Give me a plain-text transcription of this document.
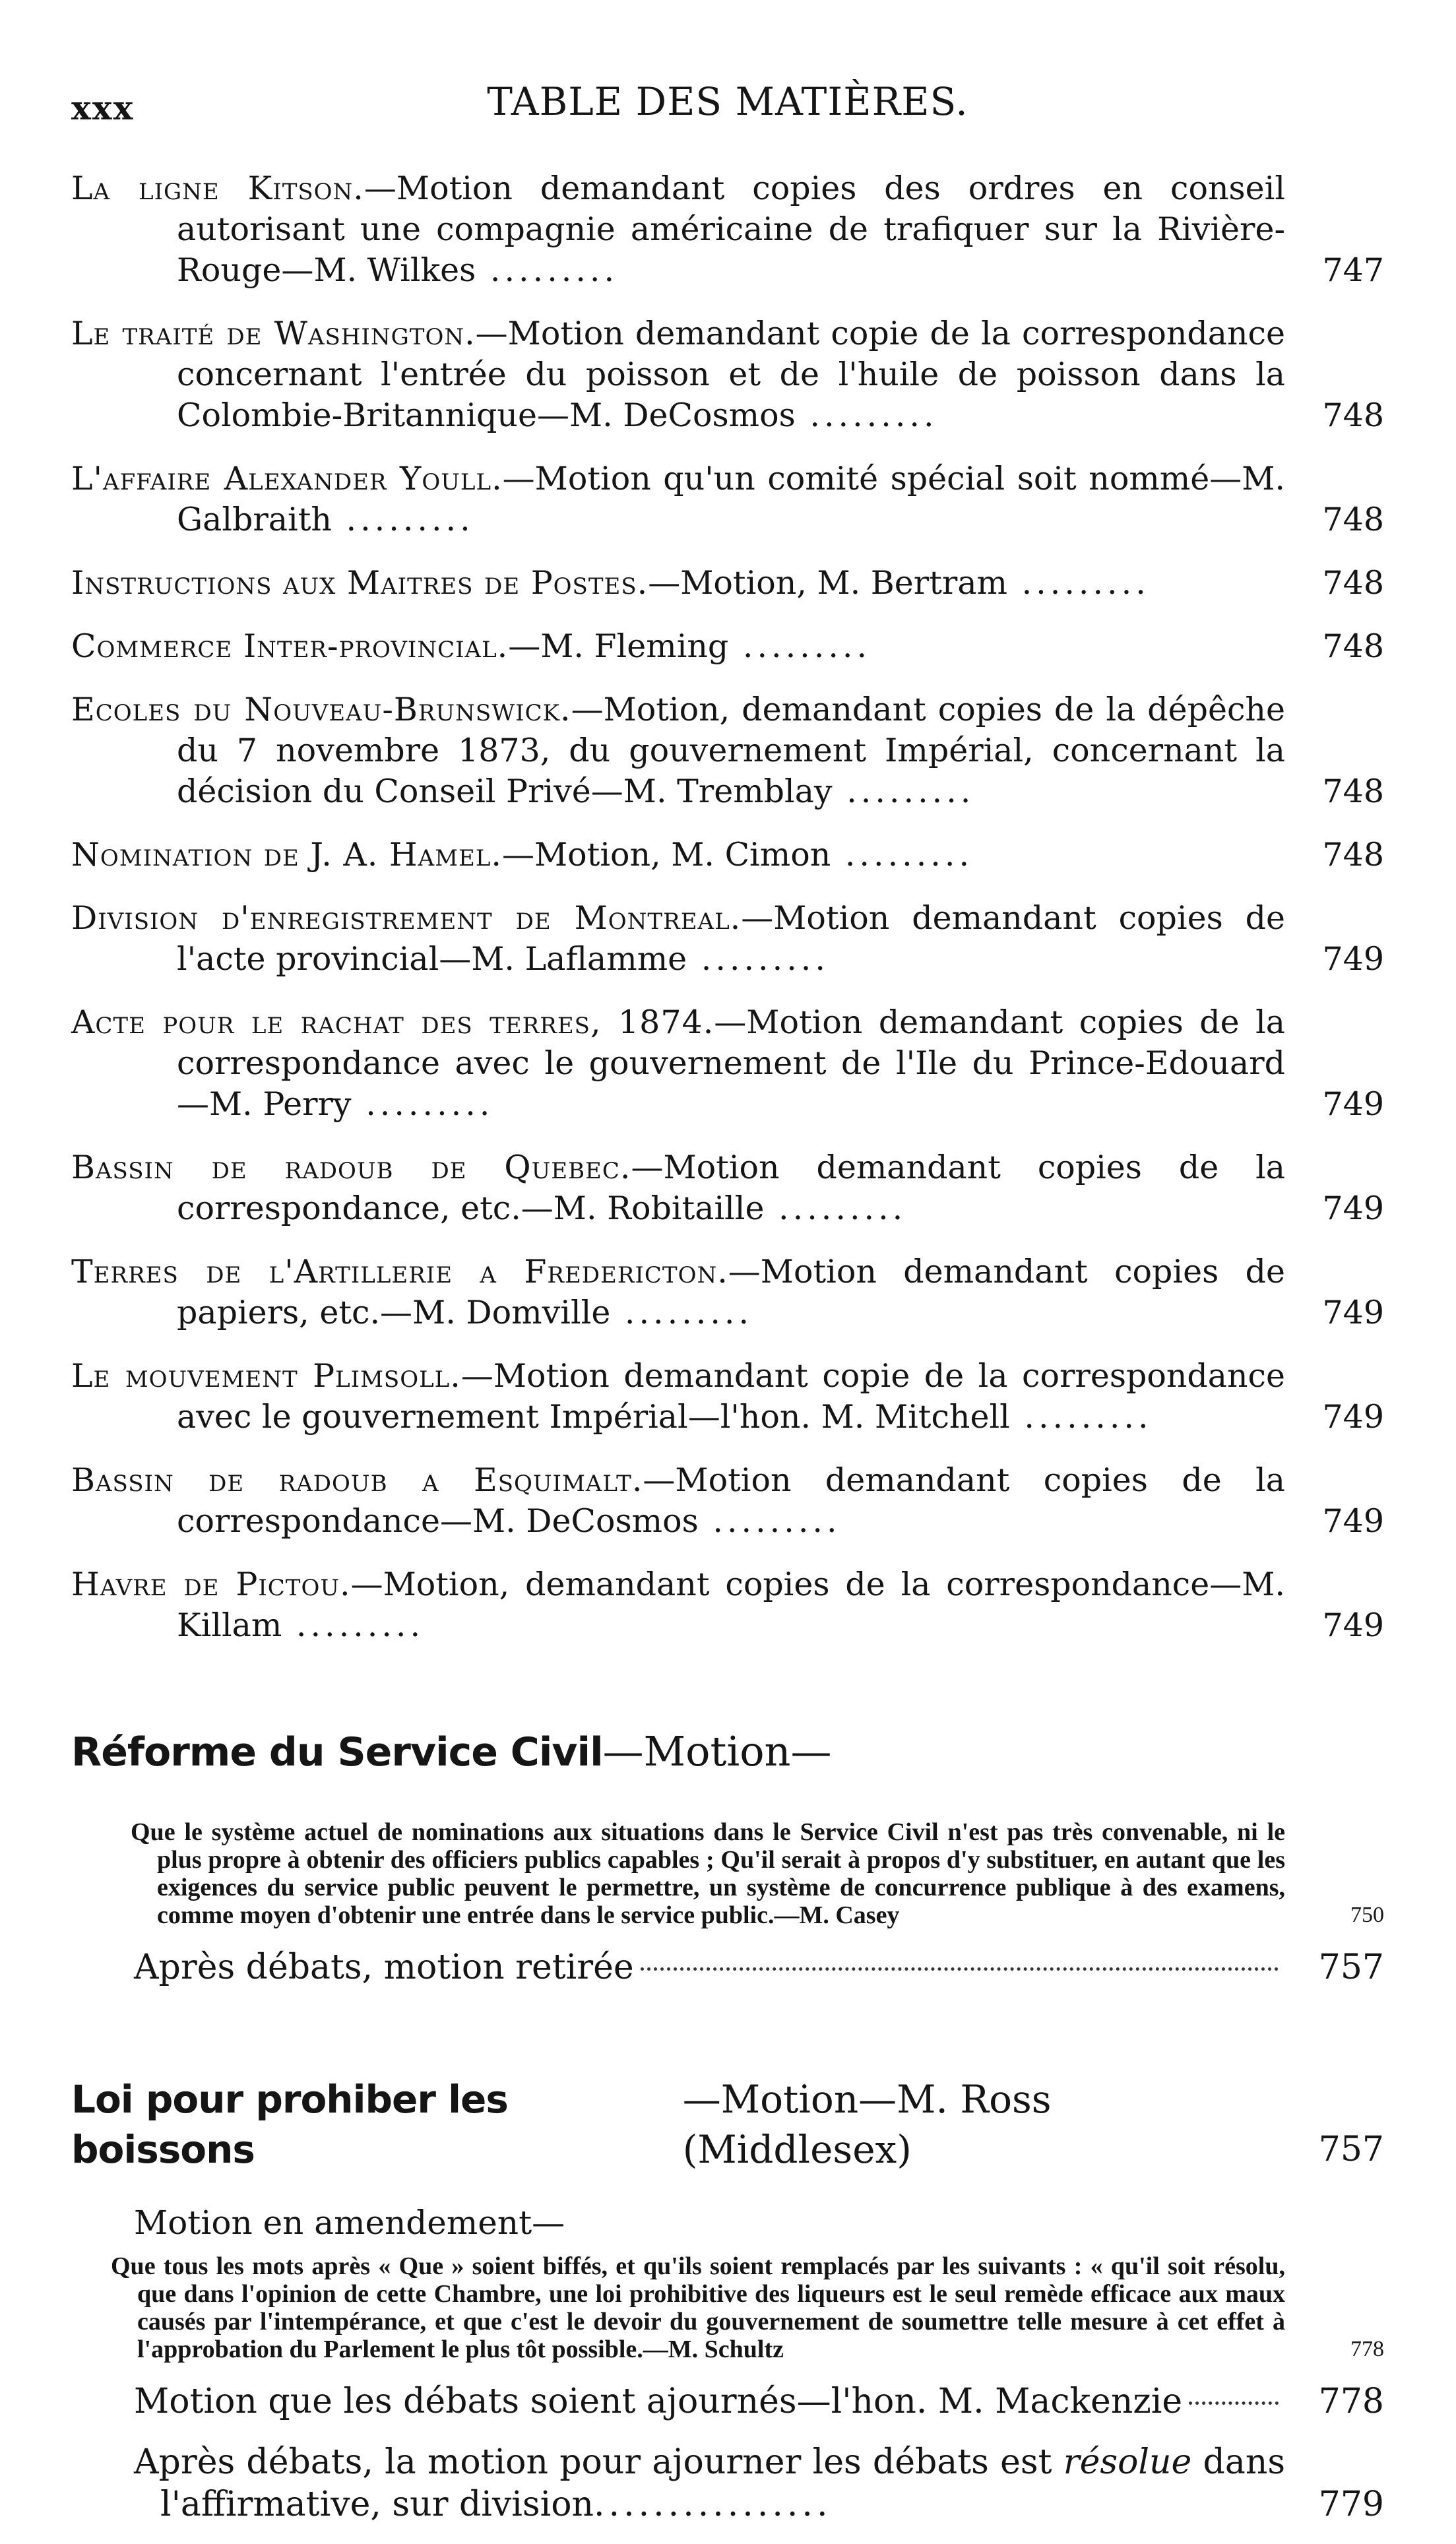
xxx	TABLE DES MATIÈRES.
La ligne Kitson.—Motion demandant copies des ordres en conseil autorisant une compagnie américaine de trafiquer sur la Rivière-Rouge—M. Wilkes .........	747
Le traité de Washington.—Motion demandant copie de la correspondance concernant l'entrée du poisson et de l'huile de poisson dans la Colombie-Britannique—M. DeCosmos .........	748
L'affaire Alexander Youll.—Motion qu'un comité spécial soit nommé—M. Galbraith .........	748
Instructions aux Maitres de Postes.—Motion, M. Bertram .........	748
Commerce Inter-provincial.—M. Fleming .........	748
Ecoles du Nouveau-Brunswick.—Motion, demandant copies de la dépêche du 7 novembre 1873, du gouvernement Impérial, concernant la décision du Conseil Privé—M. Tremblay .........	748
Nomination de J. A. Hamel.—Motion, M. Cimon .........	748
Division d'enregistrement de Montreal.—Motion demandant copies de l'acte provincial—M. Laflamme .........	749
Acte pour le rachat des terres, 1874.—Motion demandant copies de la correspondance avec le gouvernement de l'Ile du Prince-Edouard—M. Perry .........	749
Bassin de radoub de Quebec.—Motion demandant copies de la correspondance, etc.—M. Robitaille .........	749
Terres de l'Artillerie a Fredericton.—Motion demandant copies de papiers, etc.—M. Domville .........	749
Le mouvement Plimsoll.—Motion demandant copie de la correspondance avec le gouvernement Impérial—l'hon. M. Mitchell .........	749
Bassin de radoub a Esquimalt.—Motion demandant copies de la correspondance—M. DeCosmos .........	749
Havre de Pictou.—Motion, demandant copies de la correspondance—M. Killam .........	749
Réforme du Service Civil—Motion—
Que le système actuel de nominations aux situations dans le Service Civil n'est pas très convenable, ni le plus propre à obtenir des officiers publics capables ; Qu'il serait à propos d'y substituer, en autant que les exigences du service public peuvent le permettre, un système de concurrence publique à des examens, comme moyen d'obtenir une entrée dans le service public.—M. Casey	750
Après débats, motion retirée	757
Loi pour prohiber les boissons
—Motion—M. Ross (Middlesex)	757
Motion en amendement—
Que tous les mots après « Que » soient biffés, et qu'ils soient remplacés par les suivants : « qu'il soit résolu, que dans l'opinion de cette Chambre, une loi prohibitive des liqueurs est le seul remède efficace aux maux causés par l'intempérance, et que c'est le devoir du gouvernement de soumettre telle mesure à cet effet à l'approbation du Parlement le plus tôt possible.—M. Schultz	778
Motion que les débats soient ajournés—l'hon. M. Mackenzie	778
Après débats, la motion pour ajourner les débats est résolue dans l'affirmative, sur division................	779
